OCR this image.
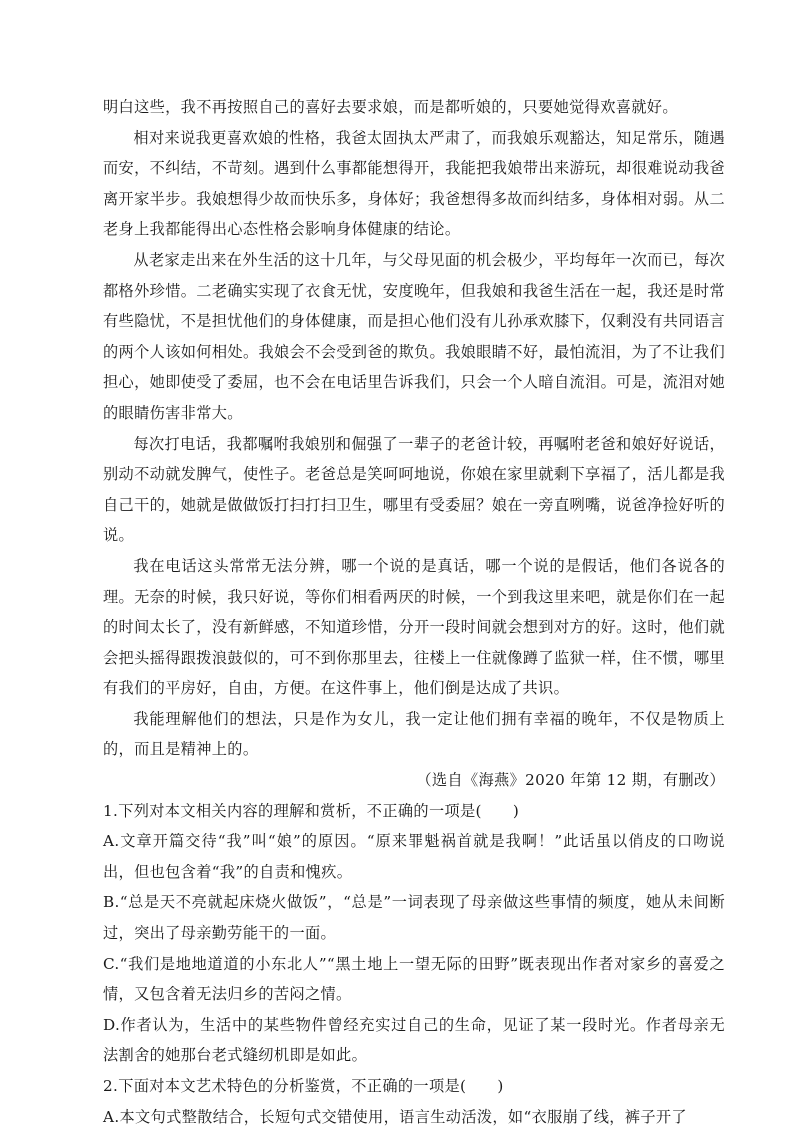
明白这些，我不再按照自己的喜好去要求娘，而是都听娘的，只要她觉得欢喜就好。

相对来说我更喜欢娘的性格，我爸太固执太严肃了，而我娘乐观豁达，知足常乐，随遇而安，不纠结，不苛刻。遇到什么事都能想得开，我能把我娘带出来游玩，却很难说动我爸离开家半步。我娘想得少故而快乐多，身体好；我爸想得多故而纠结多，身体相对弱。从二老身上我都能得出心态性格会影响身体健康的结论。

从老家走出来在外生活的这十几年，与父母见面的机会极少，平均每年一次而已，每次都格外珍惜。二老确实实现了衣食无忧，安度晚年，但我娘和我爸生活在一起，我还是时常有些隐忧，不是担忧他们的身体健康，而是担心他们没有儿孙承欢膝下，仅剩没有共同语言的两个人该如何相处。我娘会不会受到爸的欺负。我娘眼睛不好，最怕流泪，为了不让我们担心，她即使受了委屈，也不会在电话里告诉我们，只会一个人暗自流泪。可是，流泪对她的眼睛伤害非常大。

每次打电话，我都嘱咐我娘别和倔强了一辈子的老爸计较，再嘱咐老爸和娘好好说话，别动不动就发脾气，使性子。老爸总是笑呵呵地说，你娘在家里就剩下享福了，活儿都是我自己干的，她就是做做饭打扫打扫卫生，哪里有受委屈？娘在一旁直咧嘴，说爸净捡好听的说。

我在电话这头常常无法分辨，哪一个说的是真话，哪一个说的是假话，他们各说各的理。无奈的时候，我只好说，等你们相看两厌的时候，一个到我这里来吧，就是你们在一起的时间太长了，没有新鲜感，不知道珍惜，分开一段时间就会想到对方的好。这时，他们就会把头摇得跟拨浪鼓似的，可不到你那里去，往楼上一住就像蹲了监狱一样，住不惯，哪里有我们的平房好，自由，方便。在这件事上，他们倒是达成了共识。

我能理解他们的想法，只是作为女儿，我一定让他们拥有幸福的晚年，不仅是物质上的，而且是精神上的。

（选自《海燕》2020 年第 12 期，有删改）

1.下列对本文相关内容的理解和赏析，不正确的一项是(　　)

A.文章开篇交待“我”叫“娘”的原因。“原来罪魁祸首就是我啊！”此话虽以俏皮的口吻说出，但也包含着“我”的自责和愧疚。

B.“总是天不亮就起床烧火做饭”，“总是”一词表现了母亲做这些事情的频度，她从未间断过，突出了母亲勤劳能干的一面。

C.“我们是地地道道的小东北人”“黑土地上一望无际的田野”既表现出作者对家乡的喜爱之情，又包含着无法归乡的苦闷之情。

D.作者认为，生活中的某些物件曾经充实过自己的生命，见证了某一段时光。作者母亲无法割舍的她那台老式缝纫机即是如此。

2.下面对本文艺术特色的分析鉴赏，不正确的一项是(　　)

A.本文句式整散结合，长短句式交错使用，语言生动活泼，如“衣服崩了线，裤子开了
